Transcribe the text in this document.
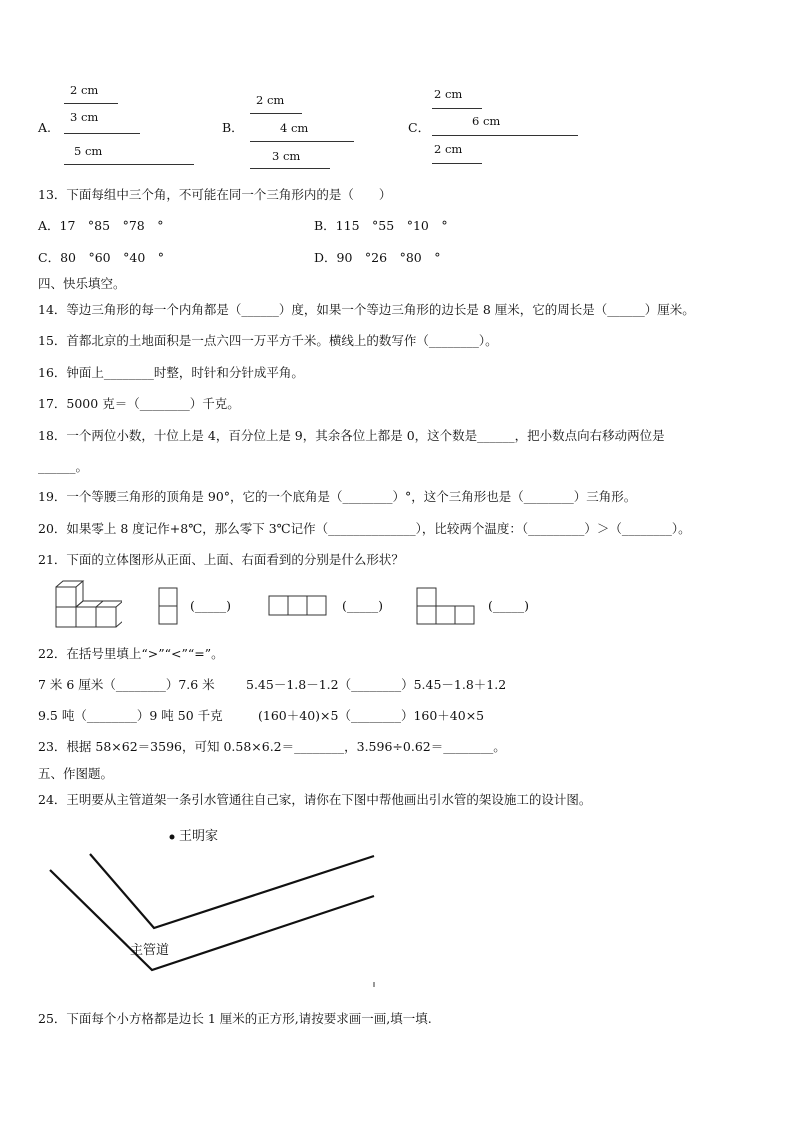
A.
2 cm
3 cm
5 cm
B．
2 cm
4 cm
3 cm
C．
2 cm
6 cm
2 cm
13．下面每组中三个角，不可能在同一个三角形内的是（　　）
A．17　°85　°78　°	B．115　°55　°10　°
C．80　°60　°40　°	D．90　°26　°80　°
四、快乐填空。
14．等边三角形的每一个内角都是（______）度，如果一个等边三角形的边长是 8 厘米，它的周长是（______）厘米。
15．首都北京的土地面积是一点六四一万平方千米。横线上的数写作（________）。
16．钟面上________时整，时针和分针成平角。
17．5000 克＝（________）千克。
18．一个两位小数，十位上是 4，百分位上是 9，其余各位上都是 0，这个数是______，把小数点向右移动两位是
______。
19．一个等腰三角形的顶角是 90°，它的一个底角是（________）°，这个三角形也是（________）三角形。
20．如果零上 8 度记作+8℃，那么零下 3℃记作（______________），比较两个温度：（_________）＞（________）。
21．下面的立体图形从正面、上面、右面看到的分别是什么形状？
(_____)	(_____)	(_____)
22．在括号里填上“>”“<”“=”。
7 米 6 厘米（________）7.6 米	5.45－1.8－1.2（________）5.45－1.8＋1.2
9.5 吨（________）9 吨 50 千克	(160＋40)×5（________）160＋40×5
23．根据 58×62＝3596，可知 0.58×6.2＝________，3.596÷0.62＝________。
五、作图题。
24．王明要从主管道架一条引水管通往自己家，请你在下图中帮他画出引水管的架设施工的设计图。
王明家
主管道
25．下面每个小方格都是边长 1 厘米的正方形,请按要求画一画,填一填.
